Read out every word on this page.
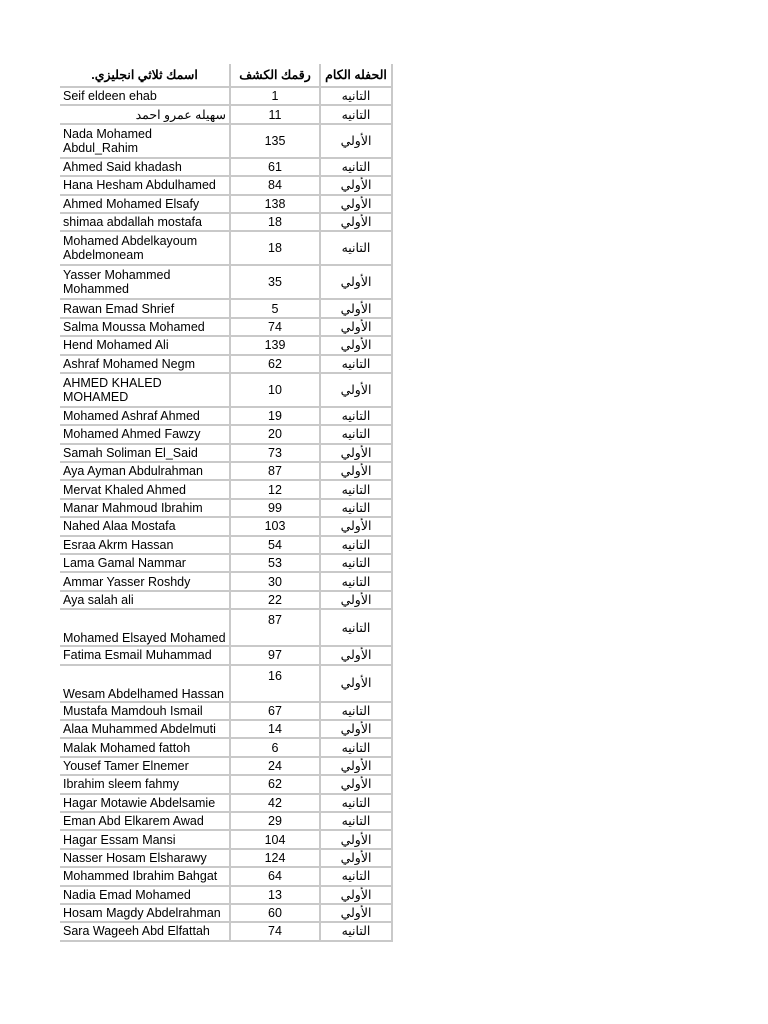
.اسمك ثلاثي انجليزي	رقمك الكشف	الحفله الكام
Seif eldeen ehab	1	التانيه
سهيله عمرو احمد	11	التانيه
Nada Mohamed Abdul_Rahim	135	الأولي
Ahmed Said khadash	61	التانيه
Hana Hesham Abdulhamed	84	الأولي
Ahmed Mohamed Elsafy	138	الأولي
shimaa abdallah mostafa	18	الأولي
Mohamed Abdelkayoum Abdelmoneam	18	التانيه
Yasser Mohammed Mohammed	35	الأولي
Rawan Emad Shrief	5	الأولي
Salma Moussa Mohamed	74	الأولي
Hend Mohamed Ali	139	الأولي
Ashraf Mohamed Negm	62	التانيه
AHMED KHALED MOHAMED	10	الأولي
Mohamed Ashraf Ahmed	19	التانيه
Mohamed Ahmed Fawzy	20	التانيه
Samah Soliman El_Said	73	الأولي
Aya Ayman Abdulrahman	87	الأولي
Mervat Khaled Ahmed	12	التانيه
Manar Mahmoud Ibrahim	99	التانيه
Nahed Alaa Mostafa	103	الأولي
Esraa Akrm Hassan	54	التانيه
Lama Gamal Nammar	53	التانيه
Ammar Yasser Roshdy	30	التانيه
Aya salah ali	22	الأولي
Mohamed Elsayed Mohamed	87	التانيه
Fatima Esmail Muhammad	97	الأولي
Wesam Abdelhamed Hassan	16	الأولي
Mustafa Mamdouh Ismail	67	التانيه
Alaa Muhammed Abdelmuti	14	الأولي
Malak Mohamed fattoh	6	التانيه
Yousef Tamer Elnemer	24	الأولي
Ibrahim sleem fahmy	62	الأولي
Hagar Motawie Abdelsamie	42	التانيه
Eman Abd Elkarem Awad	29	التانيه
Hagar Essam Mansi	104	الأولي
Nasser Hosam Elsharawy	124	الأولي
Mohammed Ibrahim Bahgat	64	التانيه
Nadia Emad Mohamed	13	الأولي
Hosam Magdy Abdelrahman	60	الأولي
Sara Wageeh Abd Elfattah	74	التانيه
